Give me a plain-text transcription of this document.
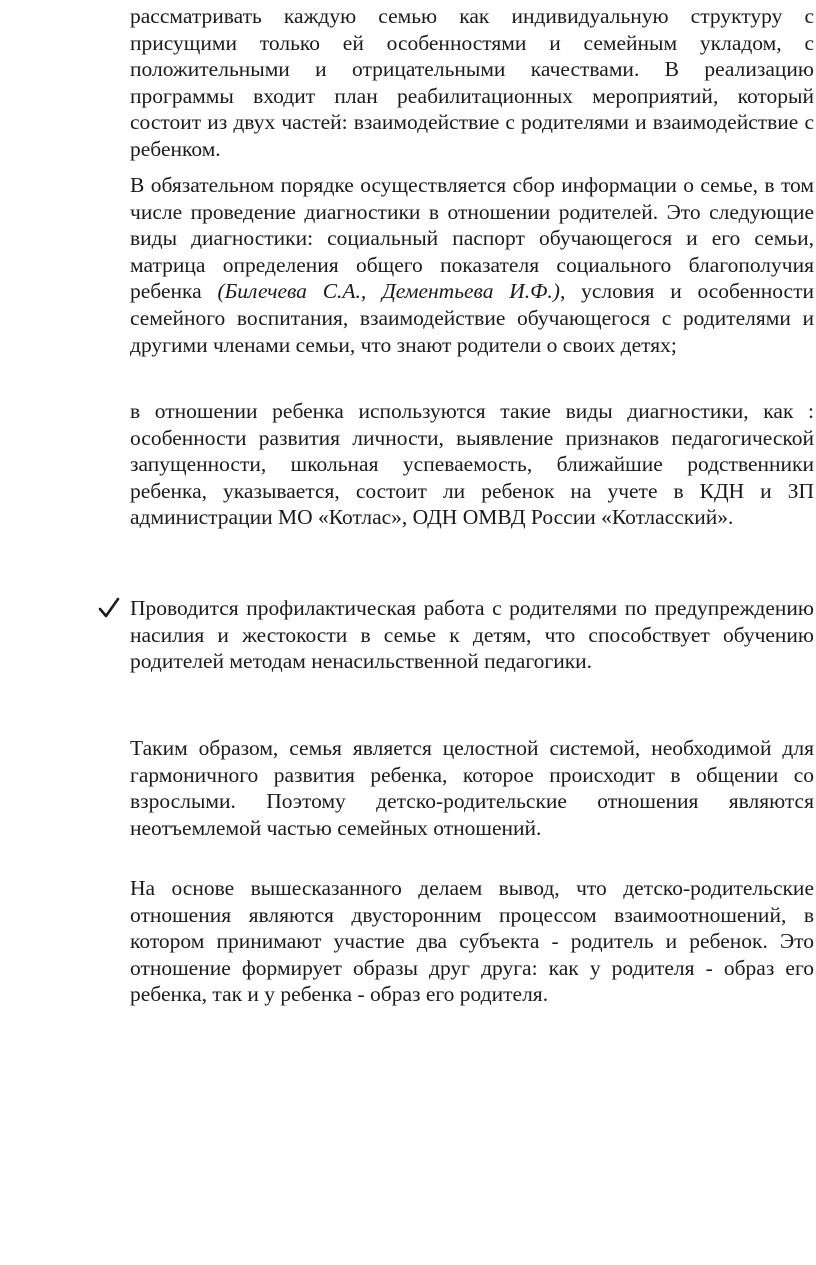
рассматривать каждую семью как индивидуальную структуру с присущими только ей особенностями и семейным укладом, с положительными и отрицательными качествами. В реализацию программы входит план реабилитационных мероприятий, который состоит из двух частей: взаимодействие с родителями и взаимодействие с ребенком.

В обязательном порядке осуществляется сбор информации о семье, в том числе проведение диагностики в отношении родителей. Это следующие виды диагностики: социальный паспорт обучающегося и его семьи, матрица определения общего показателя социального благополучия ребенка (Билечева С.А., Дементьева И.Ф.), условия и особенности семейного воспитания, взаимодействие обучающегося с родителями и другими членами семьи, что знают родители о своих детях;

в отношении ребенка используются такие виды диагностики, как : особенности развития личности, выявление признаков педагогической запущенности, школьная успеваемость, ближайшие родственники ребенка, указывается, состоит ли ребенок на учете в КДН и ЗП администрации МО «Котлас», ОДН ОМВД России «Котласский».

Проводится профилактическая работа с родителями по предупреждению насилия и жестокости в семье к детям, что способствует обучению родителей методам ненасильственной педагогики.

Таким образом, семья является целостной системой, необходимой для гармоничного развития ребенка, которое происходит в общении со взрослыми. Поэтому детско-родительские отношения являются неотъемлемой частью семейных отношений.

На основе вышесказанного делаем вывод, что детско-родительские отношения являются двусторонним процессом взаимоотношений, в котором принимают участие два субъекта - родитель и ребенок. Это отношение формирует образы друг друга: как у родителя - образ его ребенка, так и у ребенка - образ его родителя.
